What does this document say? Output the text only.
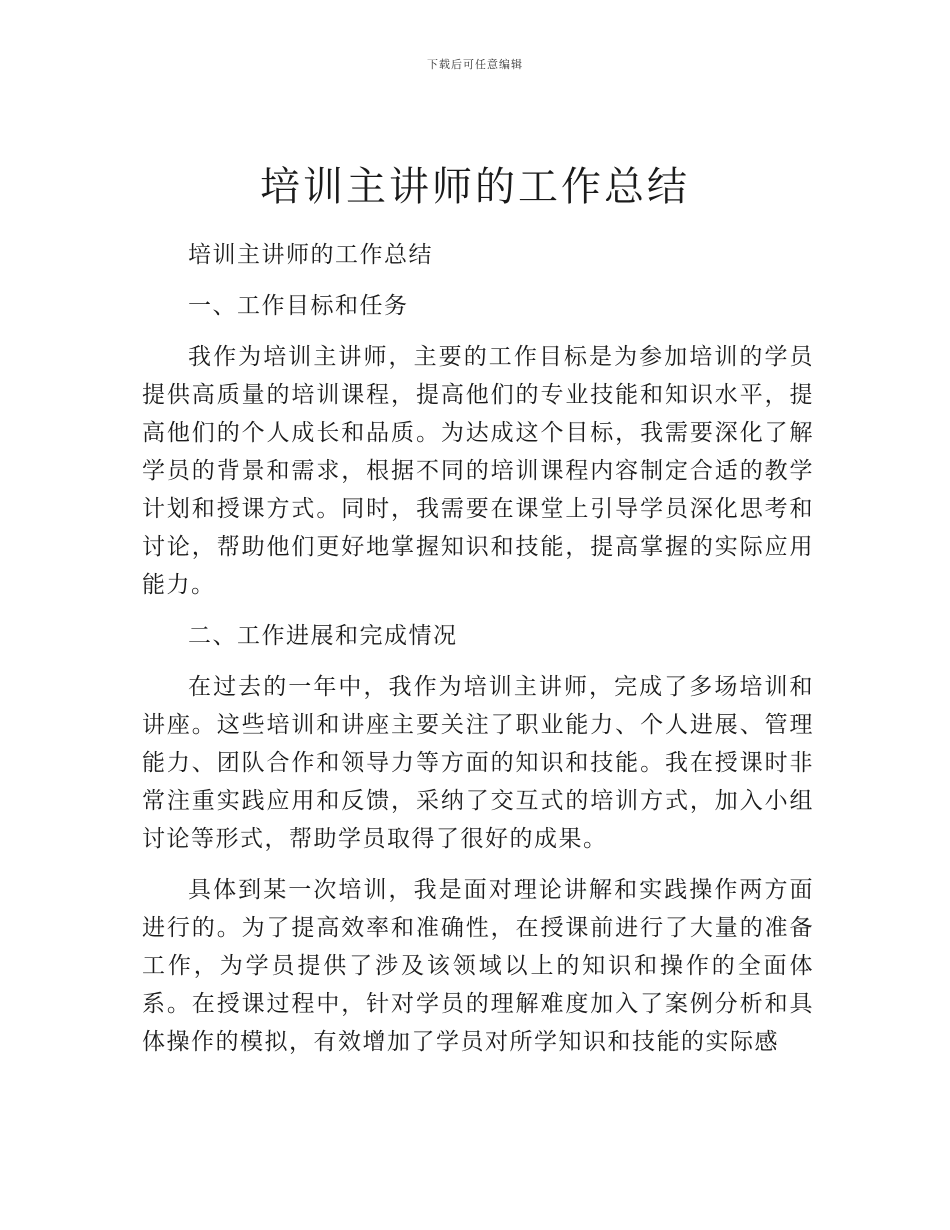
下载后可任意编辑
培训主讲师的工作总结

培训主讲师的工作总结

一、工作目标和任务

我作为培训主讲师，主要的工作目标是为参加培训的学员提供高质量的培训课程，提高他们的专业技能和知识水平，提高他们的个人成长和品质。为达成这个目标，我需要深化了解学员的背景和需求，根据不同的培训课程内容制定合适的教学计划和授课方式。同时，我需要在课堂上引导学员深化思考和讨论，帮助他们更好地掌握知识和技能，提高掌握的实际应用能力。

二、工作进展和完成情况

在过去的一年中，我作为培训主讲师，完成了多场培训和讲座。这些培训和讲座主要关注了职业能力、个人进展、管理能力、团队合作和领导力等方面的知识和技能。我在授课时非常注重实践应用和反馈，采纳了交互式的培训方式，加入小组讨论等形式，帮助学员取得了很好的成果。

具体到某一次培训，我是面对理论讲解和实践操作两方面进行的。为了提高效率和准确性，在授课前进行了大量的准备工作，为学员提供了涉及该领域以上的知识和操作的全面体系。在授课过程中，针对学员的理解难度加入了案例分析和具体操作的模拟，有效增加了学员对所学知识和技能的实际感
